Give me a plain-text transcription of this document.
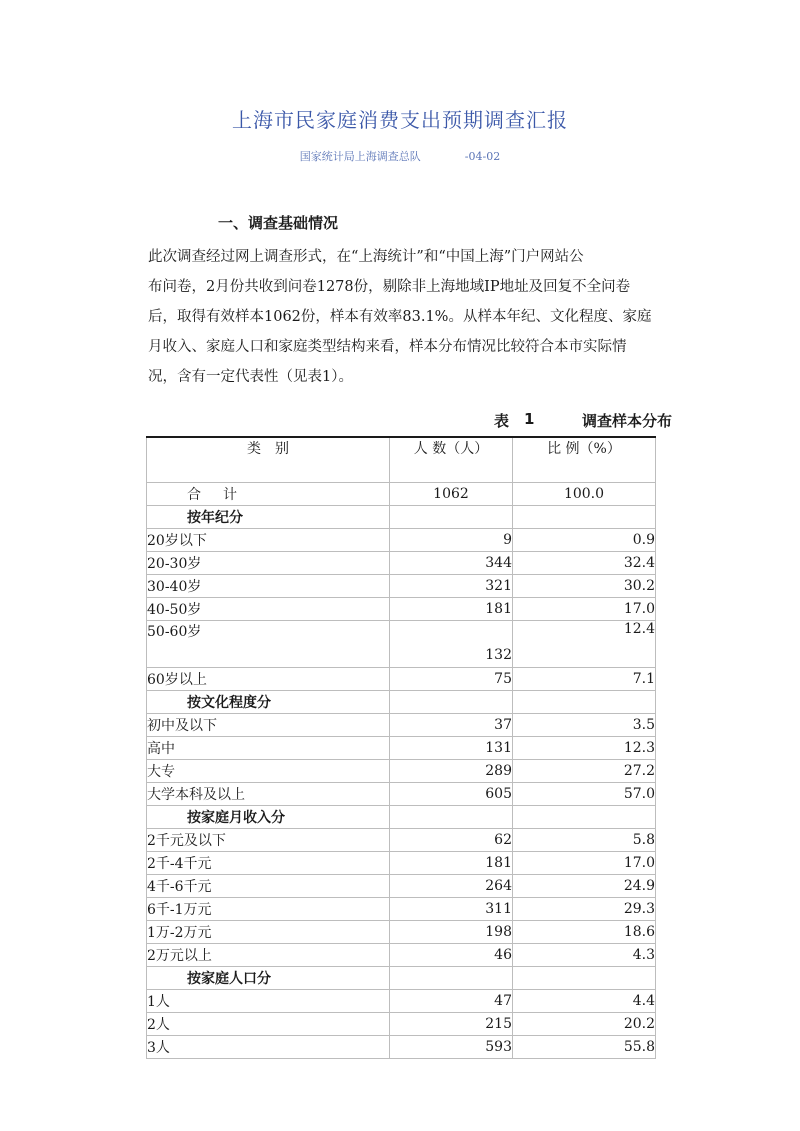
上海市民家庭消费支出预期调查汇报
国家统计局上海调查总队	-04-02
一、调查基础情况

此次调查经过网上调查形式，在“上海统计”和“中国上海”门户网站公
布问卷，2月份共收到问卷1278份，剔除非上海地域IP地址及回复不全问卷
后，取得有效样本1062份，样本有效率83.1%。从样本年纪、文化程度、家庭
月收入、家庭人口和家庭类型结构来看，样本分布情况比较符合本市实际情
况，含有一定代表性（见表1）。

表 1	调查样本分布
类　别	人 数（人）	比 例（%）
合　计	1062	100.0
按年纪分		
20岁以下	9	0.9
20-30岁	344	32.4
30-40岁	321	30.2
40-50岁	181	17.0
50-60岁	132	12.4
60岁以上	75	7.1
按文化程度分		
初中及以下	37	3.5
高中	131	12.3
大专	289	27.2
大学本科及以上	605	57.0
按家庭月收入分		
2千元及以下	62	5.8
2千-4千元	181	17.0
4千-6千元	264	24.9
6千-1万元	311	29.3
1万-2万元	198	18.6
2万元以上	46	4.3
按家庭人口分		
1人	47	4.4
2人	215	20.2
3人	593	55.8
